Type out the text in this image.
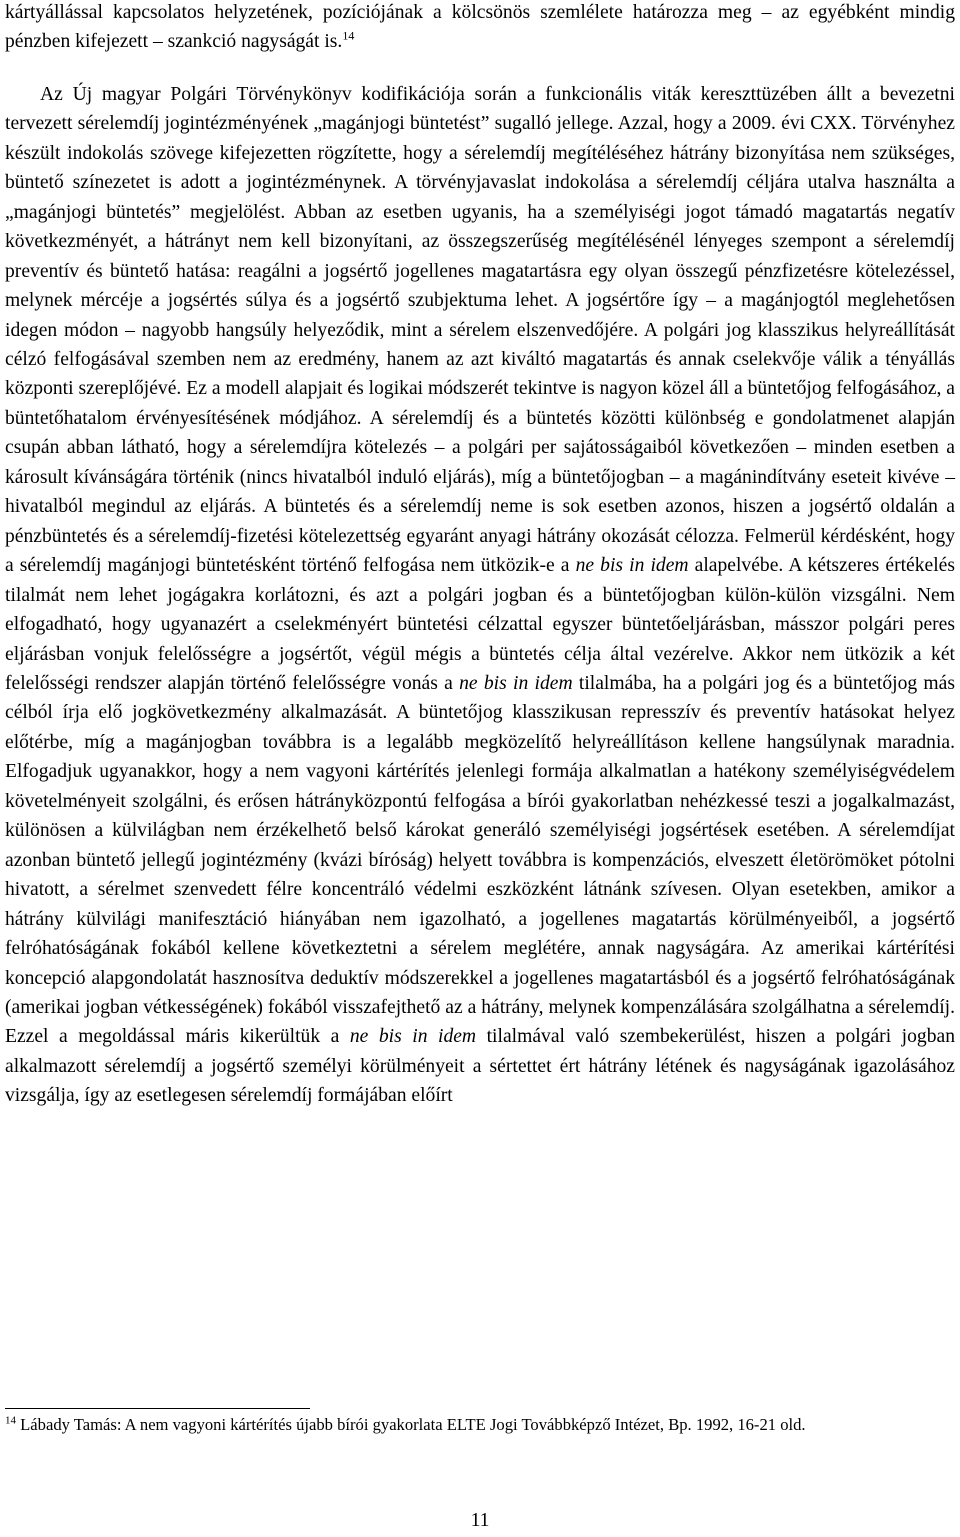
kártyállással kapcsolatos helyzetének, pozíciójának a kölcsönös szemlélete határozza meg – az egyébként mindig pénzben kifejezett – szankció nagyságát is.$^{14}$

Az Új magyar Polgári Törvénykönyv kodifikációja során a funkcionális viták kereszttüzében állt a bevezetni tervezett sérelemdíj jogintézményének „magánjogi büntetést” sugalló jellege. Azzal, hogy a 2009. évi CXX. Törvényhez készült indokolás szövege kifejezetten rögzítette, hogy a sérelemdíj megítéléséhez hátrány bizonyítása nem szükséges, büntető színezetet is adott a jogintézménynek. A törvényjavaslat indokolása a sérelemdíj céljára utalva használta a „magánjogi büntetés” megjelölést. Abban az esetben ugyanis, ha a személyiségi jogot támadó magatartás negatív következményét, a hátrányt nem kell bizonyítani, az összegszerűség megítélésénél lényeges szempont a sérelemdíj preventív és büntető hatása: reagálni a jogsértő jogellenes magatartásra egy olyan összegű pénzfizetésre kötelezéssel, melynek mércéje a jogsértés súlya és a jogsértő szubjektuma lehet. A jogsértőre így – a magánjogtól meglehetősen idegen módon – nagyobb hangsúly helyeződik, mint a sérelem elszenvedőjére. A polgári jog klasszikus helyreállítását célzó felfogásával szemben nem az eredmény, hanem az azt kiváltó magatartás és annak cselekvője válik a tényállás központi szereplőjévé. Ez a modell alapjait és logikai módszerét tekintve is nagyon közel áll a büntetőjog felfogásához, a büntetőhatalom érvényesítésének módjához. A sérelemdíj és a büntetés közötti különbség e gondolatmenet alapján csupán abban látható, hogy a sérelemdíjra kötelezés – a polgári per sajátosságaiból következően – minden esetben a károsult kívánságára történik (nincs hivatalból induló eljárás), míg a büntetőjogban – a magánindítvány eseteit kivéve – hivatalból megindul az eljárás. A büntetés és a sérelemdíj neme is sok esetben azonos, hiszen a jogsértő oldalán a pénzbüntetés és a sérelemdíj-fizetési kötelezettség egyaránt anyagi hátrány okozását célozza. Felmerül kérdésként, hogy a sérelemdíj magánjogi büntetésként történő felfogása nem ütközik-e a ne bis in idem alapelvébe. A kétszeres értékelés tilalmát nem lehet jogágakra korlátozni, és azt a polgári jogban és a büntetőjogban külön-külön vizsgálni. Nem elfogadható, hogy ugyanazért a cselekményért büntetési célzattal egyszer büntetőeljárásban, másszor polgári peres eljárásban vonjuk felelősségre a jogsértőt, végül mégis a büntetés célja által vezérelve. Akkor nem ütközik a két felelősségi rendszer alapján történő felelősségre vonás a ne bis in idem tilalmába, ha a polgári jog és a büntetőjog más célból írja elő jogkövetkezmény alkalmazását. A büntetőjog klasszikusan represszív és preventív hatásokat helyez előtérbe, míg a magánjogban továbbra is a legalább megközelítő helyreállításon kellene hangsúlynak maradnia. Elfogadjuk ugyanakkor, hogy a nem vagyoni kártérítés jelenlegi formája alkalmatlan a hatékony személyiségvédelem követelményeit szolgálni, és erősen hátrányközpontú felfogása a bírói gyakorlatban nehézkessé teszi a jogalkalmazást, különösen a külvilágban nem érzékelhető belső károkat generáló személyiségi jogsértések esetében. A sérelemdíjat azonban büntető jellegű jogintézmény (kvázi bíróság) helyett továbbra is kompenzációs, elveszett életörömöket pótolni hivatott, a sérelmet szenvedett félre koncentráló védelmi eszközként látnánk szívesen. Olyan esetekben, amikor a hátrány külvilági manifesztáció hiányában nem igazolható, a jogellenes magatartás körülményeiből, a jogsértő felróhatóságának fokából kellene következtetni a sérelem meglétére, annak nagyságára. Az amerikai kártérítési koncepció alapgondolatát hasznosítva deduktív módszerekkel a jogellenes magatartásból és a jogsértő felróhatóságának (amerikai jogban vétkességének) fokából visszafejthető az a hátrány, melynek kompenzálására szolgálhatna a sérelemdíj. Ezzel a megoldással máris kikerültük a ne bis in idem tilalmával való szembekerülést, hiszen a polgári jogban alkalmazott sérelemdíj a jogsértő személyi körülményeit a sértettet ért hátrány létének és nagyságának igazolásához vizsgálja, így az esetlegesen sérelemdíj formájában előírt

$^{14}$ Lábady Tamás: A nem vagyoni kártérítés újabb bírói gyakorlata ELTE Jogi Továbbképző Intézet, Bp. 1992, 16-21 old.
11
